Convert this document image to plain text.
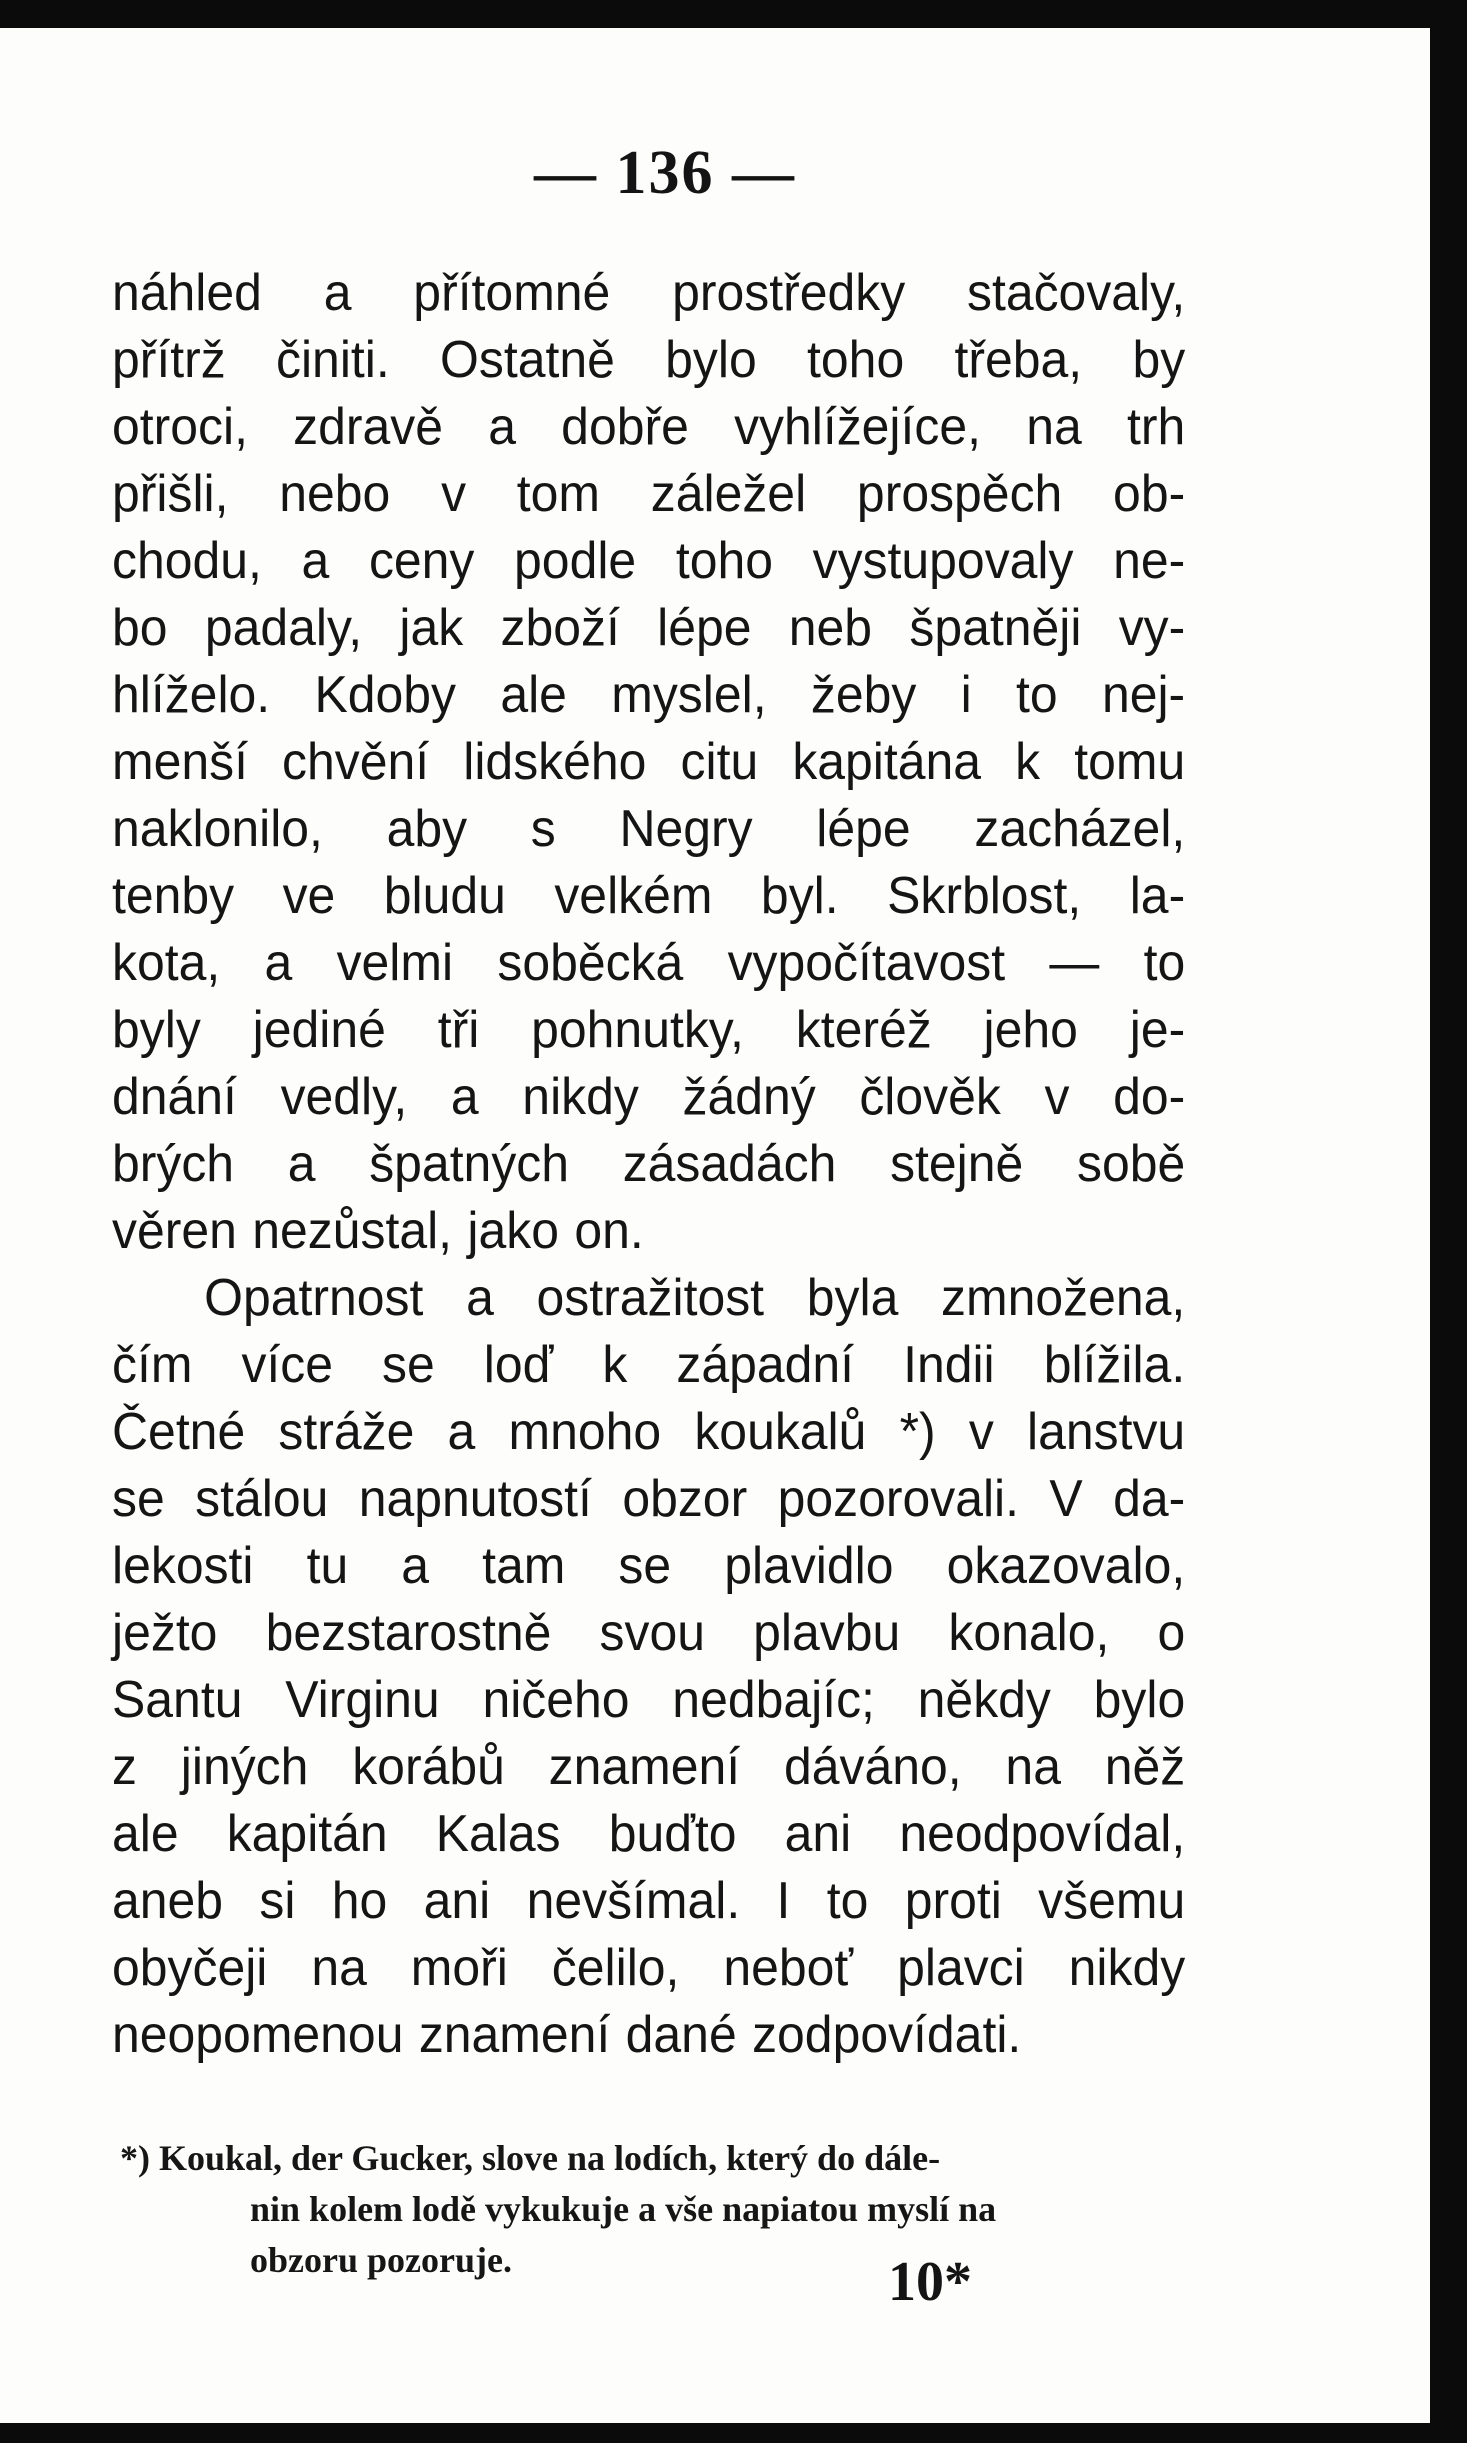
— 136 —
náhled a přítomné prostředky stačovaly,
přítrž činiti. Ostatně bylo toho třeba, by
otroci, zdravě a dobře vyhlížejíce, na trh
přišli, nebo v tom záležel prospěch ob-
chodu, a ceny podle toho vystupovaly ne-
bo padaly, jak zboží lépe neb špatněji vy-
hlíželo. Kdoby ale myslel, žeby i to nej-
menší chvění lidského citu kapitána k tomu
naklonilo, aby s Negry lépe zacházel,
tenby ve bludu velkém byl. Skrblost, la-
kota, a velmi soběcká vypočítavost — to
byly jediné tři pohnutky, kteréž jeho je-
dnání vedly, a nikdy žádný člověk v do-
brých a špatných zásadách stejně sobě
věren nezůstal, jako on.
Opatrnost a ostražitost byla zmnožena,
čím více se loď k západní Indii blížila.
Četné stráže a mnoho koukalů *) v lanstvu
se stálou napnutostí obzor pozorovali. V da-
lekosti tu a tam se plavidlo okazovalo,
ježto bezstarostně svou plavbu konalo, o
Santu Virginu ničeho nedbajíc; někdy bylo
z jiných korábů znamení dáváno, na něž
ale kapitán Kalas buďto ani neodpovídal,
aneb si ho ani nevšímal. I to proti všemu
obyčeji na moři čelilo, neboť plavci nikdy
neopomenou znamení dané zodpovídati.
*) Koukal, der Gucker, slove na lodích, který do dále-
nin kolem lodě vykukuje a vše napiatou myslí na
obzoru pozoruje.	10*
